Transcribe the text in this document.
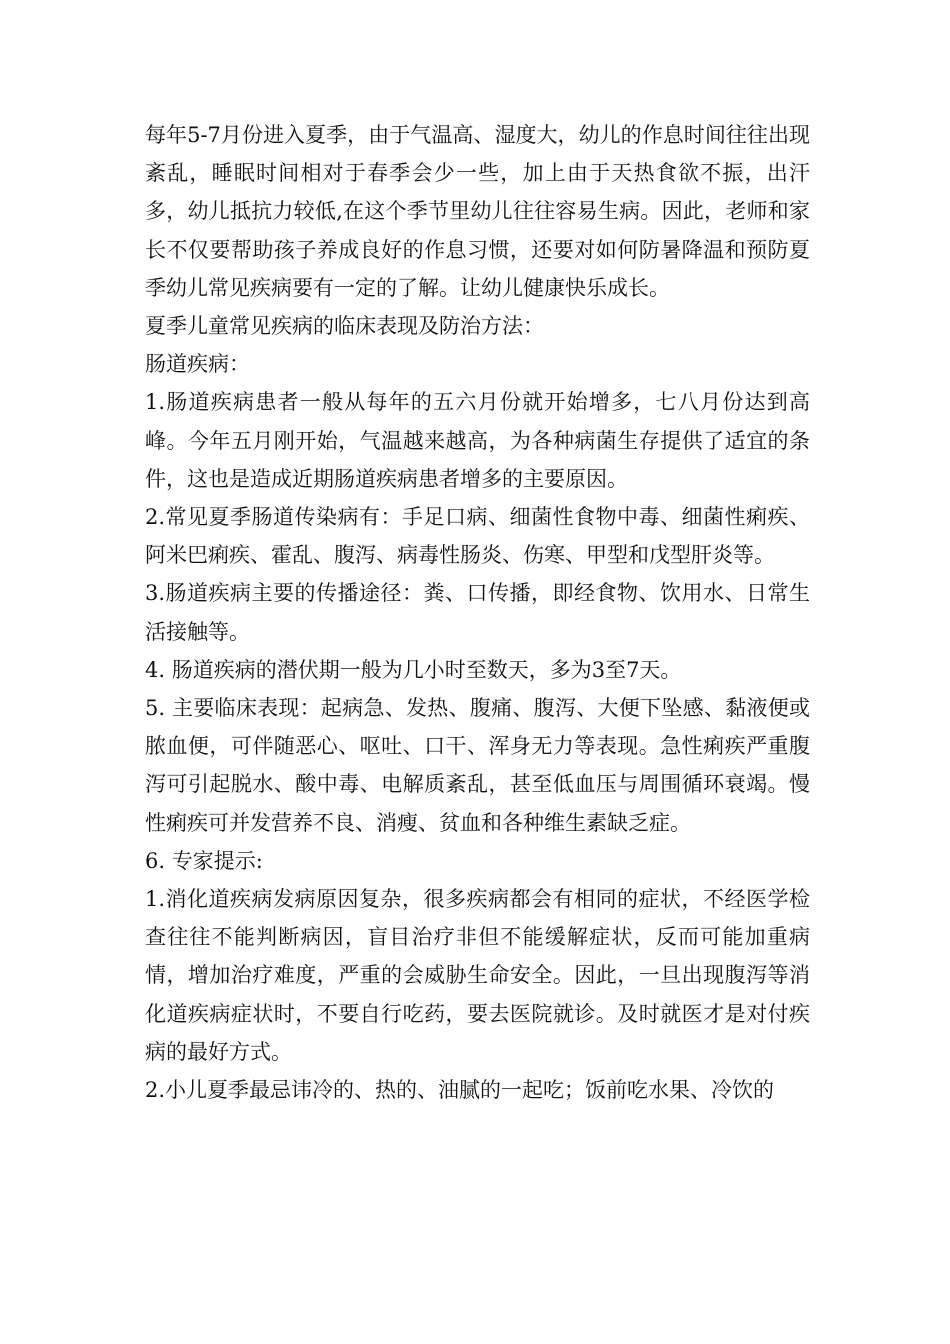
每年5-7月份进入夏季，由于气温高、湿度大，幼儿的作息时间往往出现紊乱，睡眠时间相对于春季会少一些，加上由于天热食欲不振，出汗多，幼儿抵抗力较低,在这个季节里幼儿往往容易生病。因此，老师和家长不仅要帮助孩子养成良好的作息习惯，还要对如何防暑降温和预防夏季幼儿常见疾病要有一定的了解。让幼儿健康快乐成长。

夏季儿童常见疾病的临床表现及防治方法：

肠道疾病：

1.肠道疾病患者一般从每年的五六月份就开始增多，七八月份达到高峰。今年五月刚开始，气温越来越高，为各种病菌生存提供了适宜的条件，这也是造成近期肠道疾病患者增多的主要原因。

2.常见夏季肠道传染病有：手足口病、细菌性食物中毒、细菌性痢疾、阿米巴痢疾、霍乱、腹泻、病毒性肠炎、伤寒、甲型和戊型肝炎等。

3.肠道疾病主要的传播途径：粪、口传播，即经食物、饮用水、日常生活接触等。

4. 肠道疾病的潜伏期一般为几小时至数天，多为3至7天。

5. 主要临床表现：起病急、发热、腹痛、腹泻、大便下坠感、黏液便或脓血便，可伴随恶心、呕吐、口干、浑身无力等表现。急性痢疾严重腹泻可引起脱水、酸中毒、电解质紊乱，甚至低血压与周围循环衰竭。慢性痢疾可并发营养不良、消瘦、贫血和各种维生素缺乏症。

6. 专家提示:

1.消化道疾病发病原因复杂，很多疾病都会有相同的症状，不经医学检查往往不能判断病因，盲目治疗非但不能缓解症状，反而可能加重病情，增加治疗难度，严重的会威胁生命安全。因此，一旦出现腹泻等消化道疾病症状时，不要自行吃药，要去医院就诊。及时就医才是对付疾病的最好方式。

2.小儿夏季最忌讳冷的、热的、油腻的一起吃；饭前吃水果、冷饮的
